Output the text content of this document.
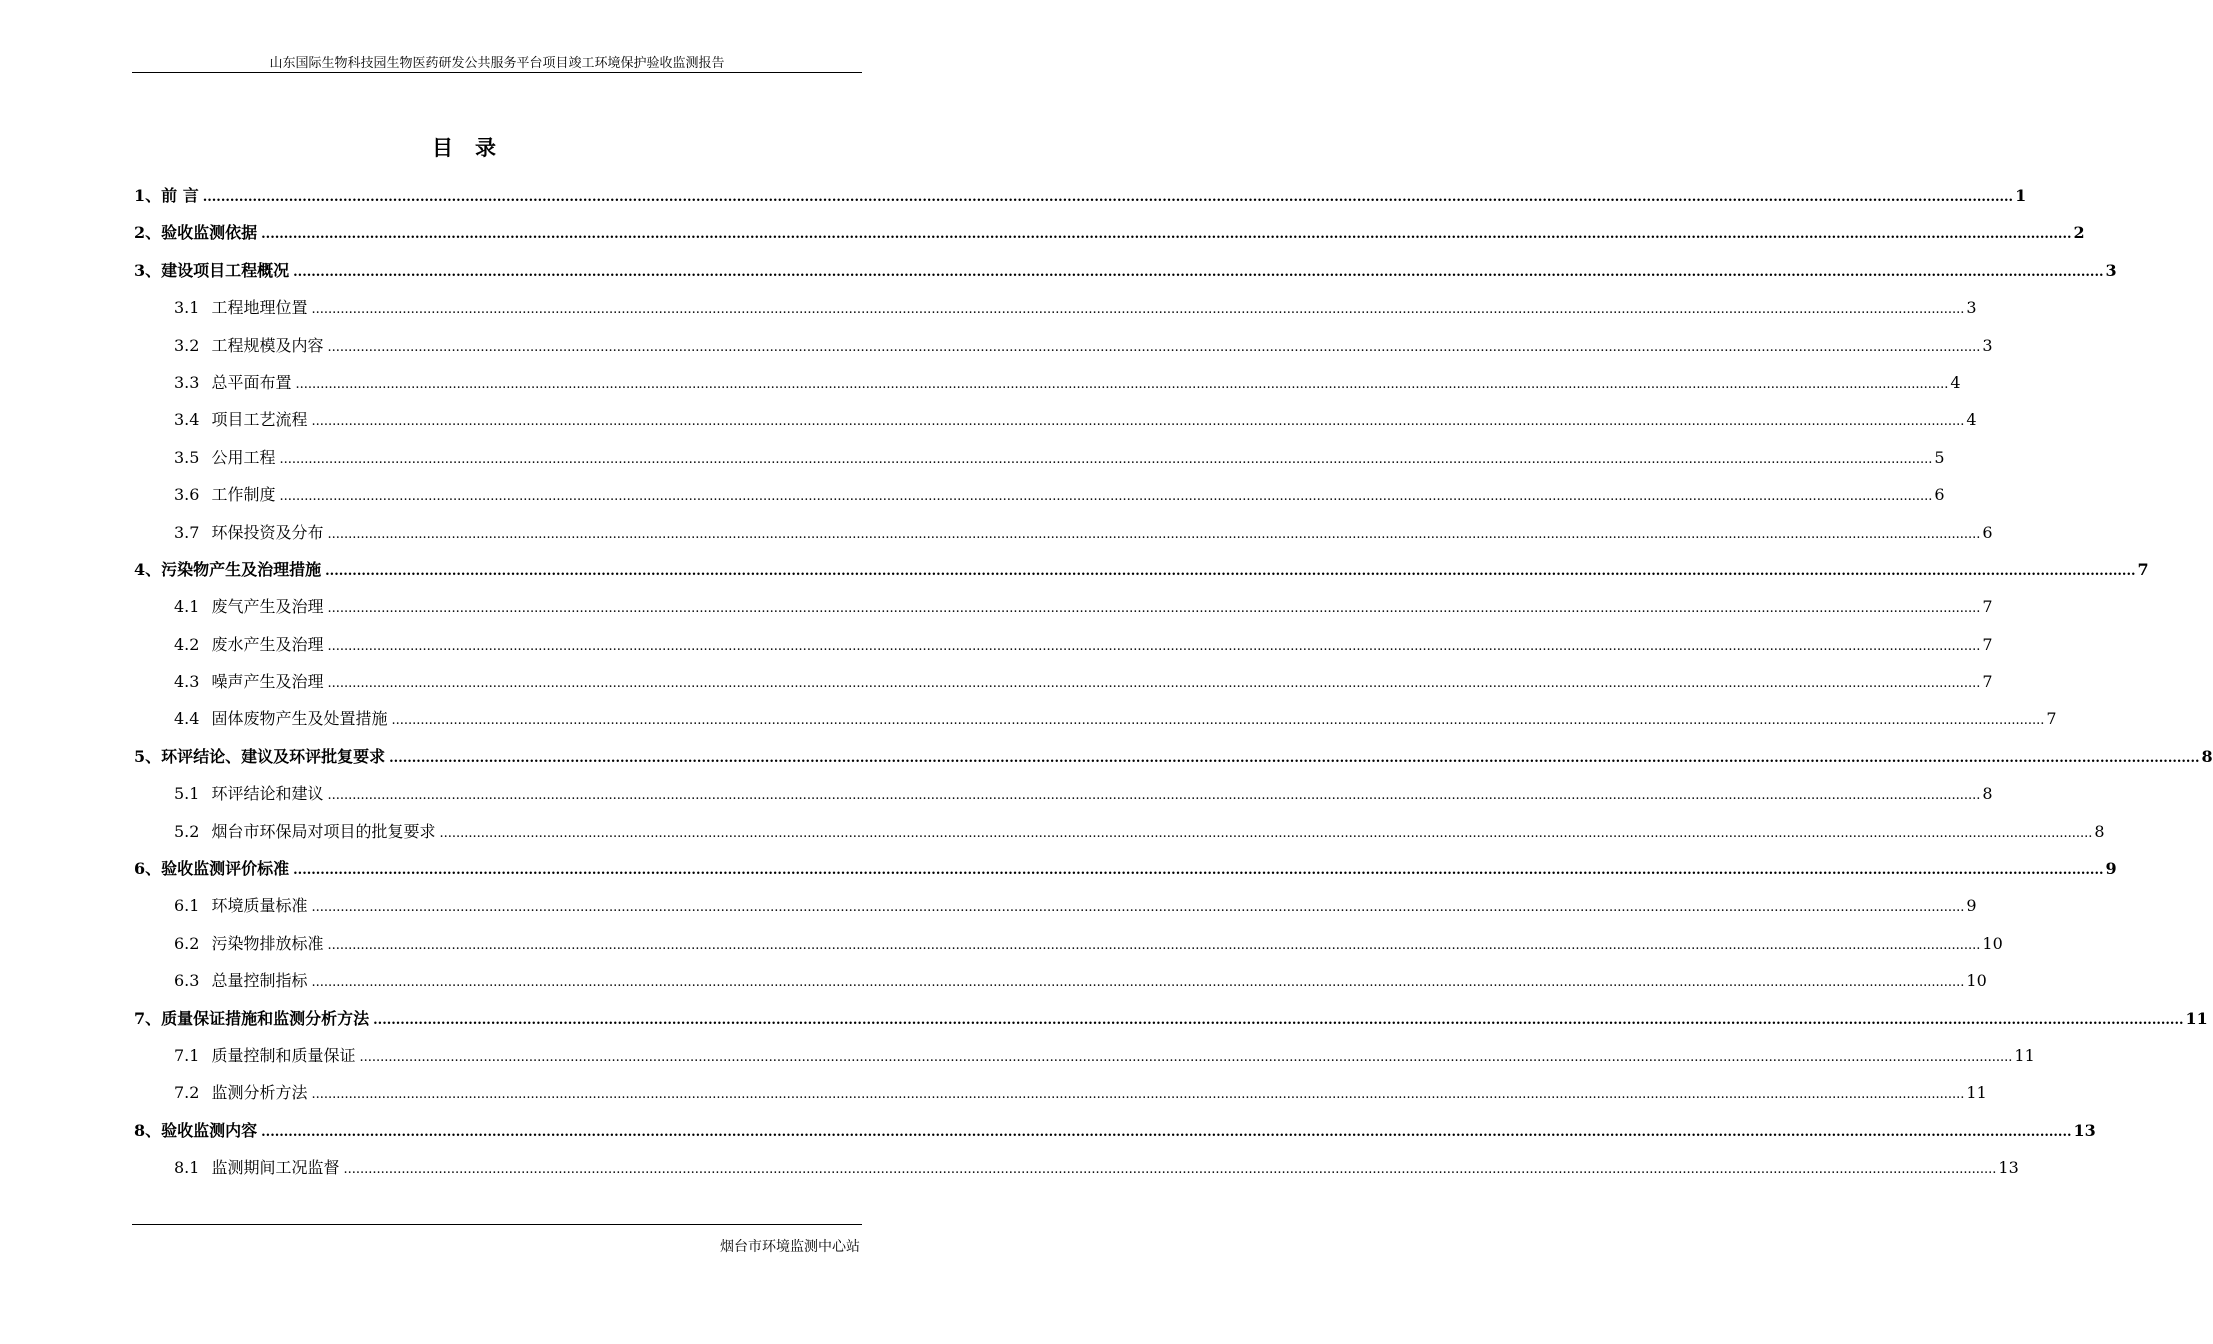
山东国际生物科技园生物医药研发公共服务平台项目竣工环境保护验收监测报告
目录
1、前 言 ................................................................................................................................................................................................................................................................................................................................................................................................................ 1
2、验收监测依据 ................................................................................................................................................................................................................................................................................................................................................................................................................ 2
3、建设项目工程概况 ................................................................................................................................................................................................................................................................................................................................................................................................................ 3
3.1 工程地理位置 ................................................................................................................................................................................................................................................................................................................................................................................................................ 3
3.2 工程规模及内容 ................................................................................................................................................................................................................................................................................................................................................................................................................ 3
3.3 总平面布置 ................................................................................................................................................................................................................................................................................................................................................................................................................ 4
3.4 项目工艺流程 ................................................................................................................................................................................................................................................................................................................................................................................................................ 4
3.5 公用工程 ................................................................................................................................................................................................................................................................................................................................................................................................................ 5
3.6 工作制度 ................................................................................................................................................................................................................................................................................................................................................................................................................ 6
3.7 环保投资及分布 ................................................................................................................................................................................................................................................................................................................................................................................................................ 6
4、污染物产生及治理措施 ................................................................................................................................................................................................................................................................................................................................................................................................................ 7
4.1 废气产生及治理 ................................................................................................................................................................................................................................................................................................................................................................................................................ 7
4.2 废水产生及治理 ................................................................................................................................................................................................................................................................................................................................................................................................................ 7
4.3 噪声产生及治理 ................................................................................................................................................................................................................................................................................................................................................................................................................ 7
4.4 固体废物产生及处置措施 ................................................................................................................................................................................................................................................................................................................................................................................................................ 7
5、环评结论、建议及环评批复要求 ................................................................................................................................................................................................................................................................................................................................................................................................................ 8
5.1 环评结论和建议 ................................................................................................................................................................................................................................................................................................................................................................................................................ 8
5.2 烟台市环保局对项目的批复要求 ................................................................................................................................................................................................................................................................................................................................................................................................................ 8
6、验收监测评价标准 ................................................................................................................................................................................................................................................................................................................................................................................................................ 9
6.1 环境质量标准 ................................................................................................................................................................................................................................................................................................................................................................................................................ 9
6.2 污染物排放标准 ................................................................................................................................................................................................................................................................................................................................................................................................................ 10
6.3 总量控制指标 ................................................................................................................................................................................................................................................................................................................................................................................................................ 10
7、质量保证措施和监测分析方法 ................................................................................................................................................................................................................................................................................................................................................................................................................ 11
7.1 质量控制和质量保证 ................................................................................................................................................................................................................................................................................................................................................................................................................ 11
7.2 监测分析方法 ................................................................................................................................................................................................................................................................................................................................................................................................................ 11
8、验收监测内容 ................................................................................................................................................................................................................................................................................................................................................................................................................ 13
8.1 监测期间工况监督 ................................................................................................................................................................................................................................................................................................................................................................................................................ 13
烟台市环境监测中心站
